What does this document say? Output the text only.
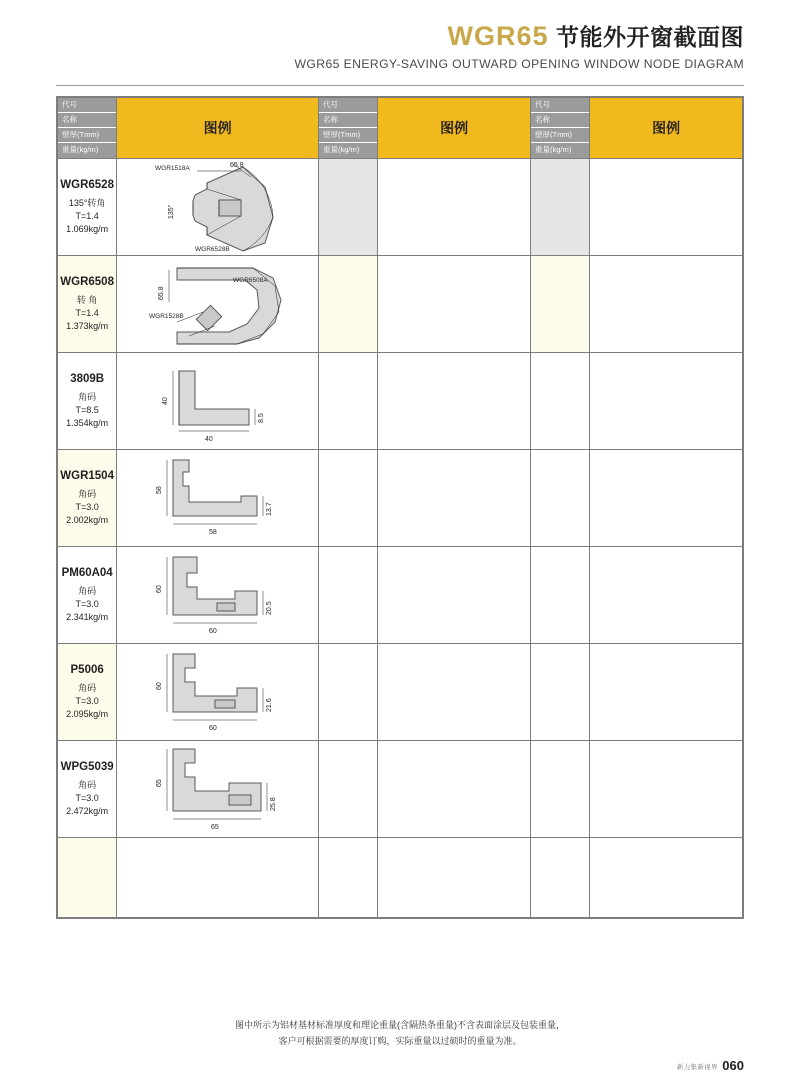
WGR65 节能外开窗截面图
WGR65 ENERGY-SAVING OUTWARD OPENING WINDOW NODE DIAGRAM
代号
名称
壁厚(Tmm)
重量(kg/m)
	图例	
代号
名称
壁厚(Tmm)
重量(kg/m)
	图例	
代号
名称
壁厚(Tmm)
重量(kg/m)
	图例

WGR6528
135°转角
T=1.4
1.069kg/m	WGR1518A 65.8
135°
WGR6528B				

WGR6508
转 角
T=1.4
1.373kg/m	65.8
WGR6508A
WGR1528B				

3809B
角码
T=8.5
1.354kg/m	40
8.5
40				

WGR1504
角码
T=3.0
2.002kg/m	58
13.7
58				

PM60A04
角码
T=3.0
2.341kg/m	60
20.5
60				

P5006
角码
T=3.0
2.095kg/m	60
21.6
60				

WPG5039
角码
T=3.0
2.472kg/m	65
25.8
65				

图中所示为铝材基材标准厚度和理论重量(含隔热条重量)不含表面涂层及包装重量，
客户可根据需要的厚度订购，实际重量以过硕时的重量为准。
新力集新视界 060
